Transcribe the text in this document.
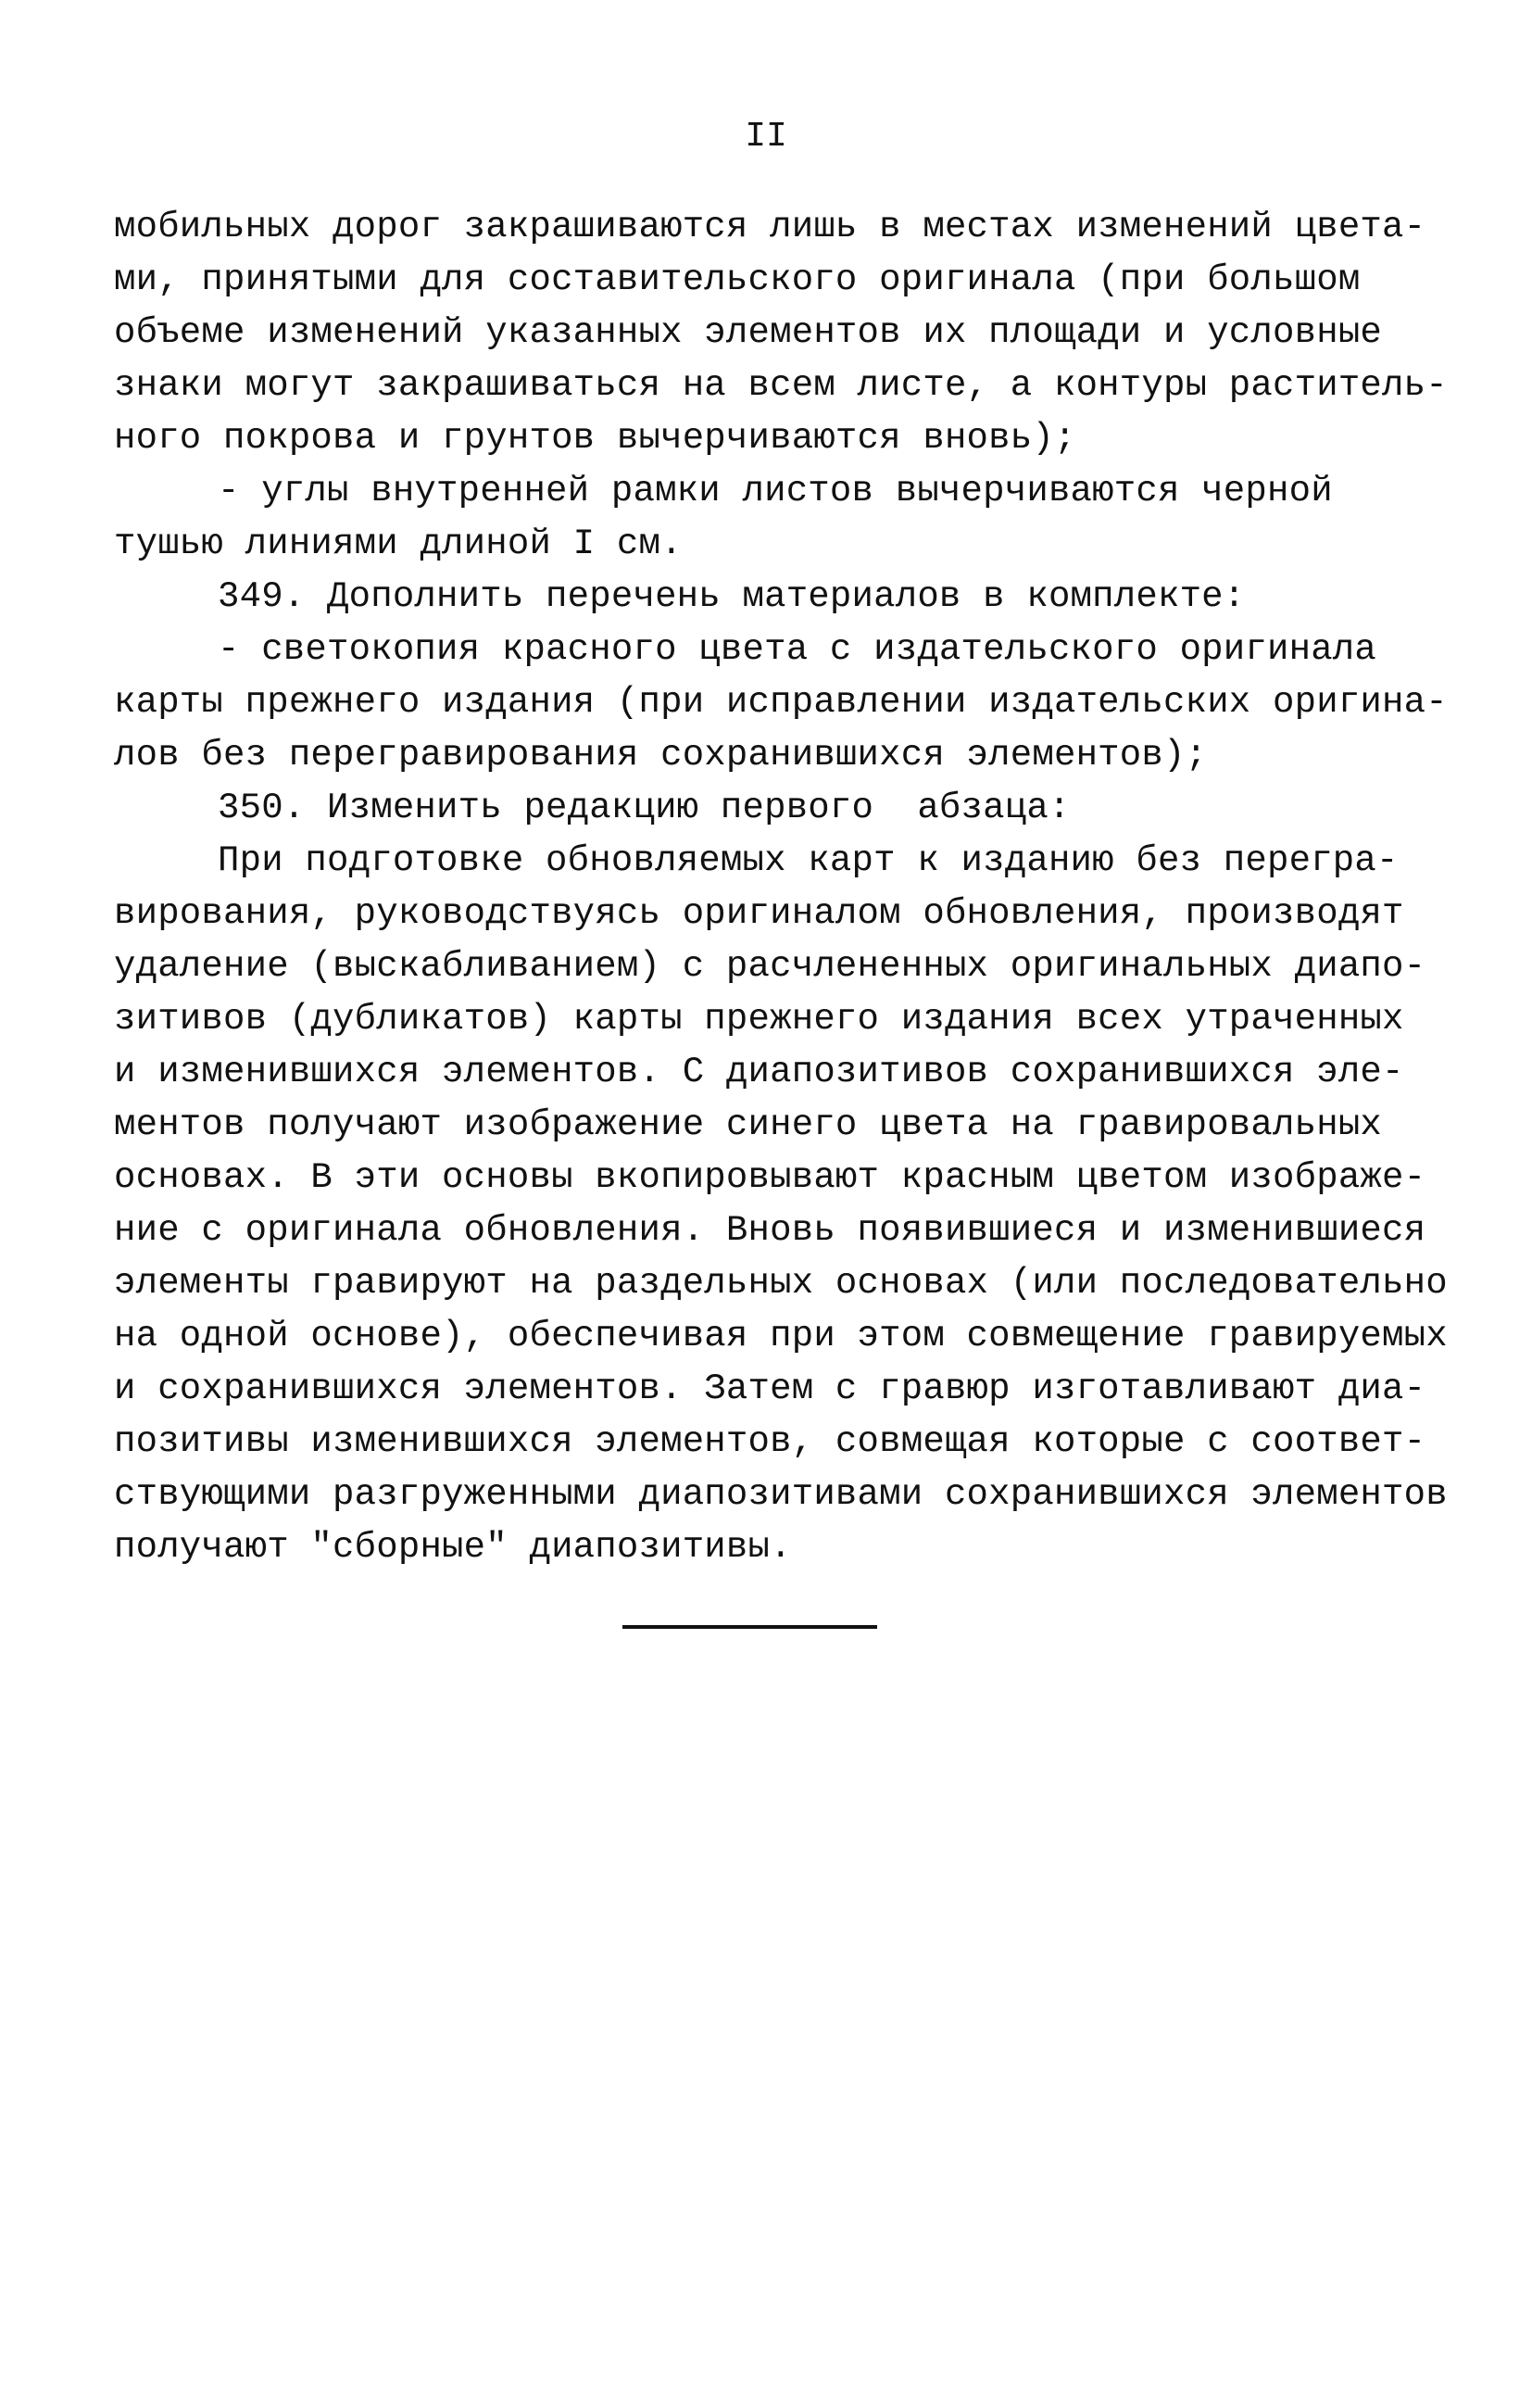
II
мобильных дорог закрашиваются лишь в местах изменений цвета-
ми, принятыми для составительского оригинала (при большом
объеме изменений указанных элементов их площади и условные
знаки могут закрашиваться на всем листе, а контуры раститель-
ного покрова и грунтов вычерчиваются вновь);
- углы внутренней рамки листов вычерчиваются черной
тушью линиями длиной I см.
349. Дополнить перечень материалов в комплекте:
- светокопия красного цвета с издательского оригинала
карты прежнего издания (при исправлении издательских оригина-
лов без перегравирования сохранившихся элементов);
350. Изменить редакцию первого  абзаца:
При подготовке обновляемых карт к изданию без перегра-
вирования, руководствуясь оригиналом обновления, производят
удаление (выскабливанием) с расчлененных оригинальных диапо-
зитивов (дубликатов) карты прежнего издания всех утраченных
и изменившихся элементов. С диапозитивов сохранившихся эле-
ментов получают изображение синего цвета на гравировальных
основах. В эти основы вкопировывают красным цветом изображе-
ние с оригинала обновления. Вновь появившиеся и изменившиеся
элементы гравируют на раздельных основах (или последовательно
на одной основе), обеспечивая при этом совмещение гравируемых
и сохранившихся элементов. Затем с гравюр изготавливают диа-
позитивы изменившихся элементов, совмещая которые с соответ-
ствующими разгруженными диапозитивами сохранившихся элементов
получают "сборные" диапозитивы.
